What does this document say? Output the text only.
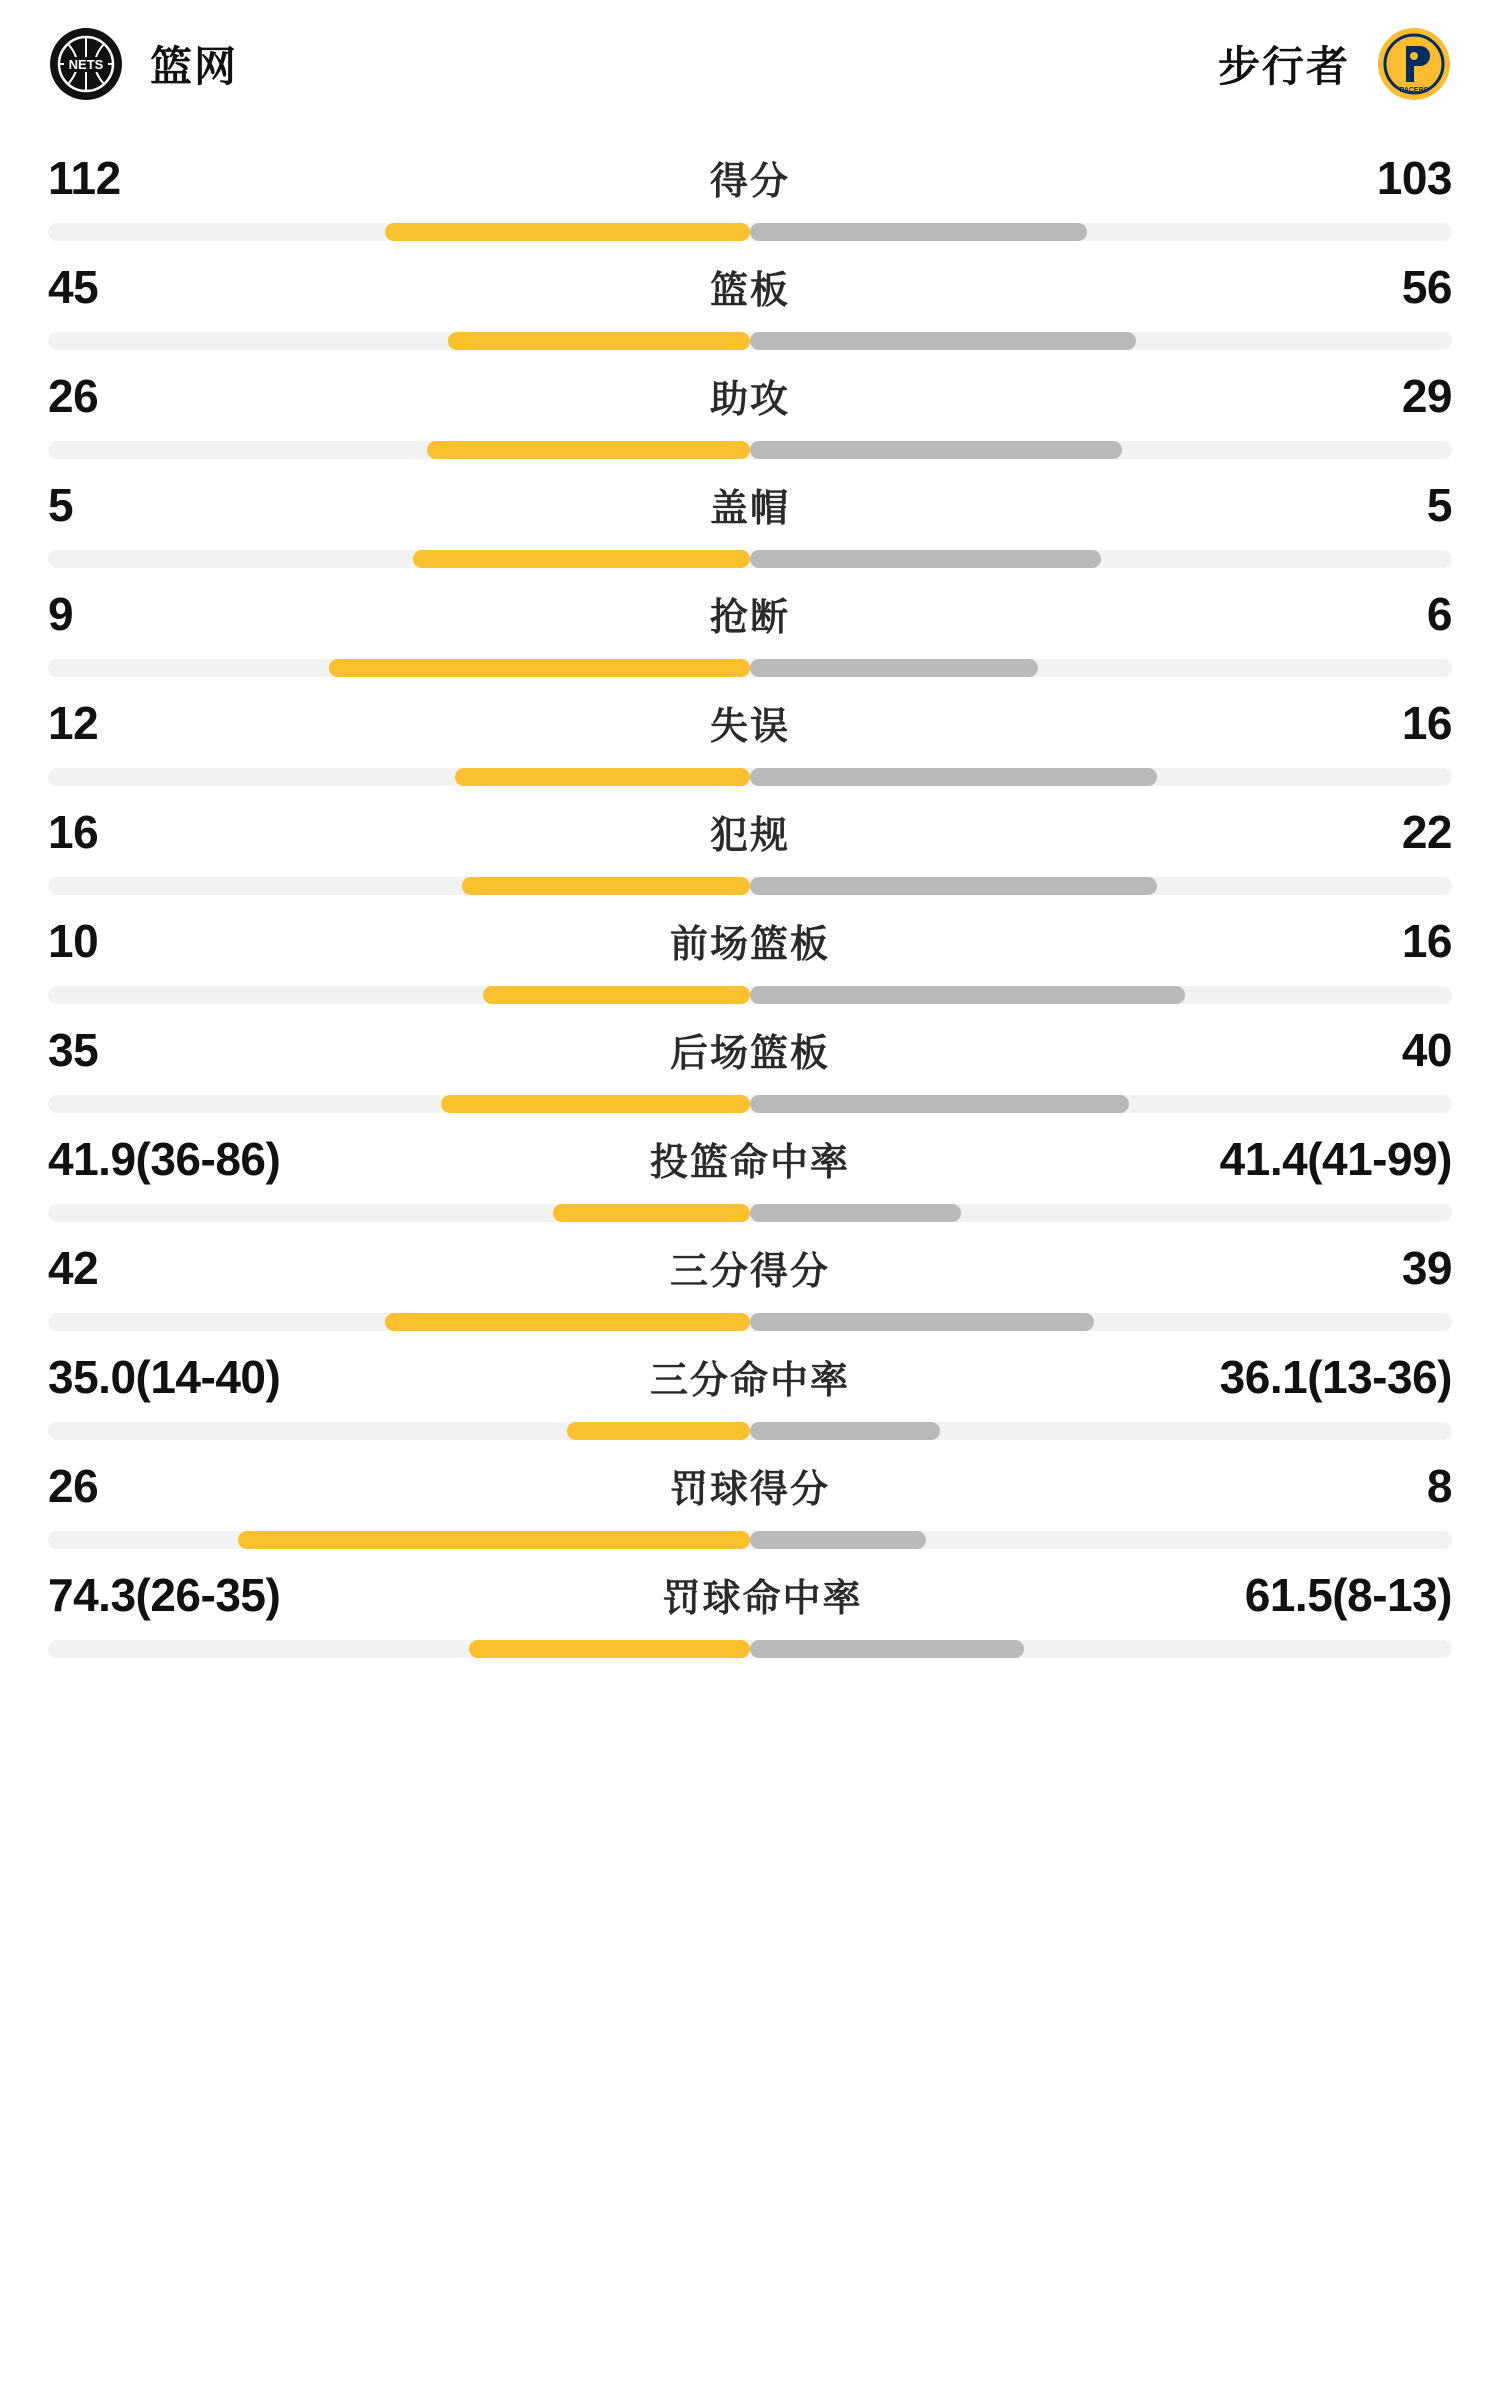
NETS 篮网	步行者
PACERS
112	得分	103
45	篮板	56
26	助攻	29
5	盖帽	5
9	抢断	6
12	失误	16
16	犯规	22
10	前场篮板	16
35	后场篮板	40
41.9(36-86)	投篮命中率	41.4(41-99)
42	三分得分	39
35.0(14-40)	三分命中率	36.1(13-36)
26	罚球得分	8
74.3(26-35)	罚球命中率	61.5(8-13)
